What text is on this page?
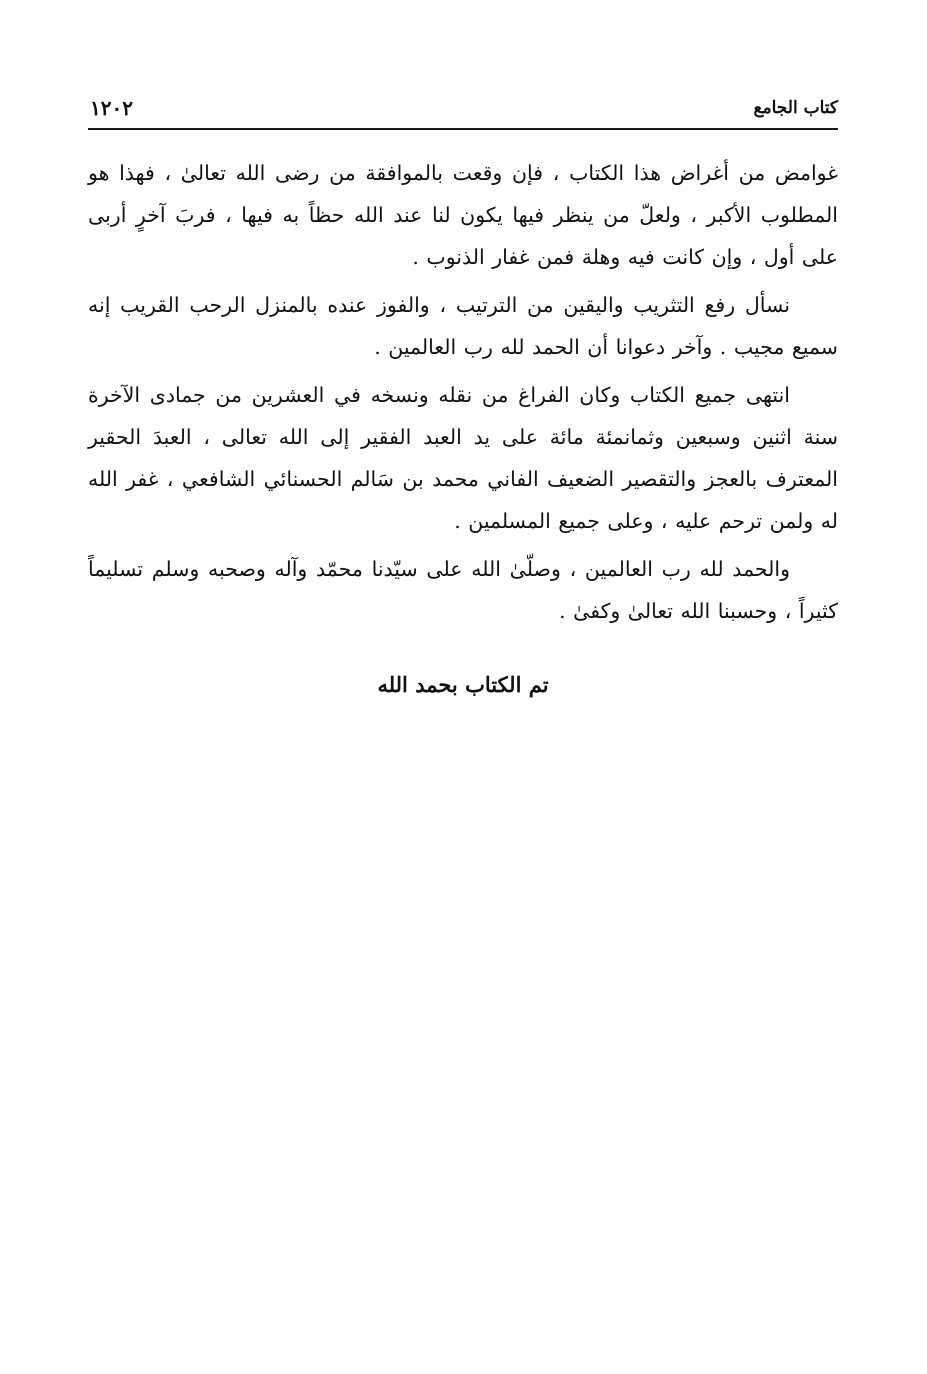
كتاب الجامع
١٢٠٢

غوامض من أغراض هذا الكتاب ، فإن وقعت بالموافقة من رضى الله تعالىٰ ، فهذا هو المطلوب الأكبر ، ولعلّ من ينظر فيها يكون لنا عند الله حظاً به فيها ، فربَ آخرٍ أربى على أول ، وإن كانت فيه وهلة فمن غفار الذنوب .

نسأل رفع التثريب واليقين من الترتيب ، والفوز عنده بالمنزل الرحب القريب إنه سميع مجيب . وآخر دعوانا أن الحمد لله رب العالمين .

انتهى جميع الكتاب وكان الفراغ من نقله ونسخه في العشرين من جمادى الآخرة سنة اثنين وسبعين وثمانمئة مائة على يد العبد الفقير إلى الله تعالى ، العبدَ الحقير المعترف بالعجز والتقصير الضعيف الفاني محمد بن سَالم الحسنائي الشافعي ، غفر الله له ولمن ترحم عليه ، وعلى جميع المسلمين .

والحمد لله رب العالمين ، وصلّىٰ الله على سيّدنا محمّد وآله وصحبه وسلم تسليماً كثيراً ، وحسبنا الله تعالىٰ وكفىٰ .

تم الكتاب بحمد الله
